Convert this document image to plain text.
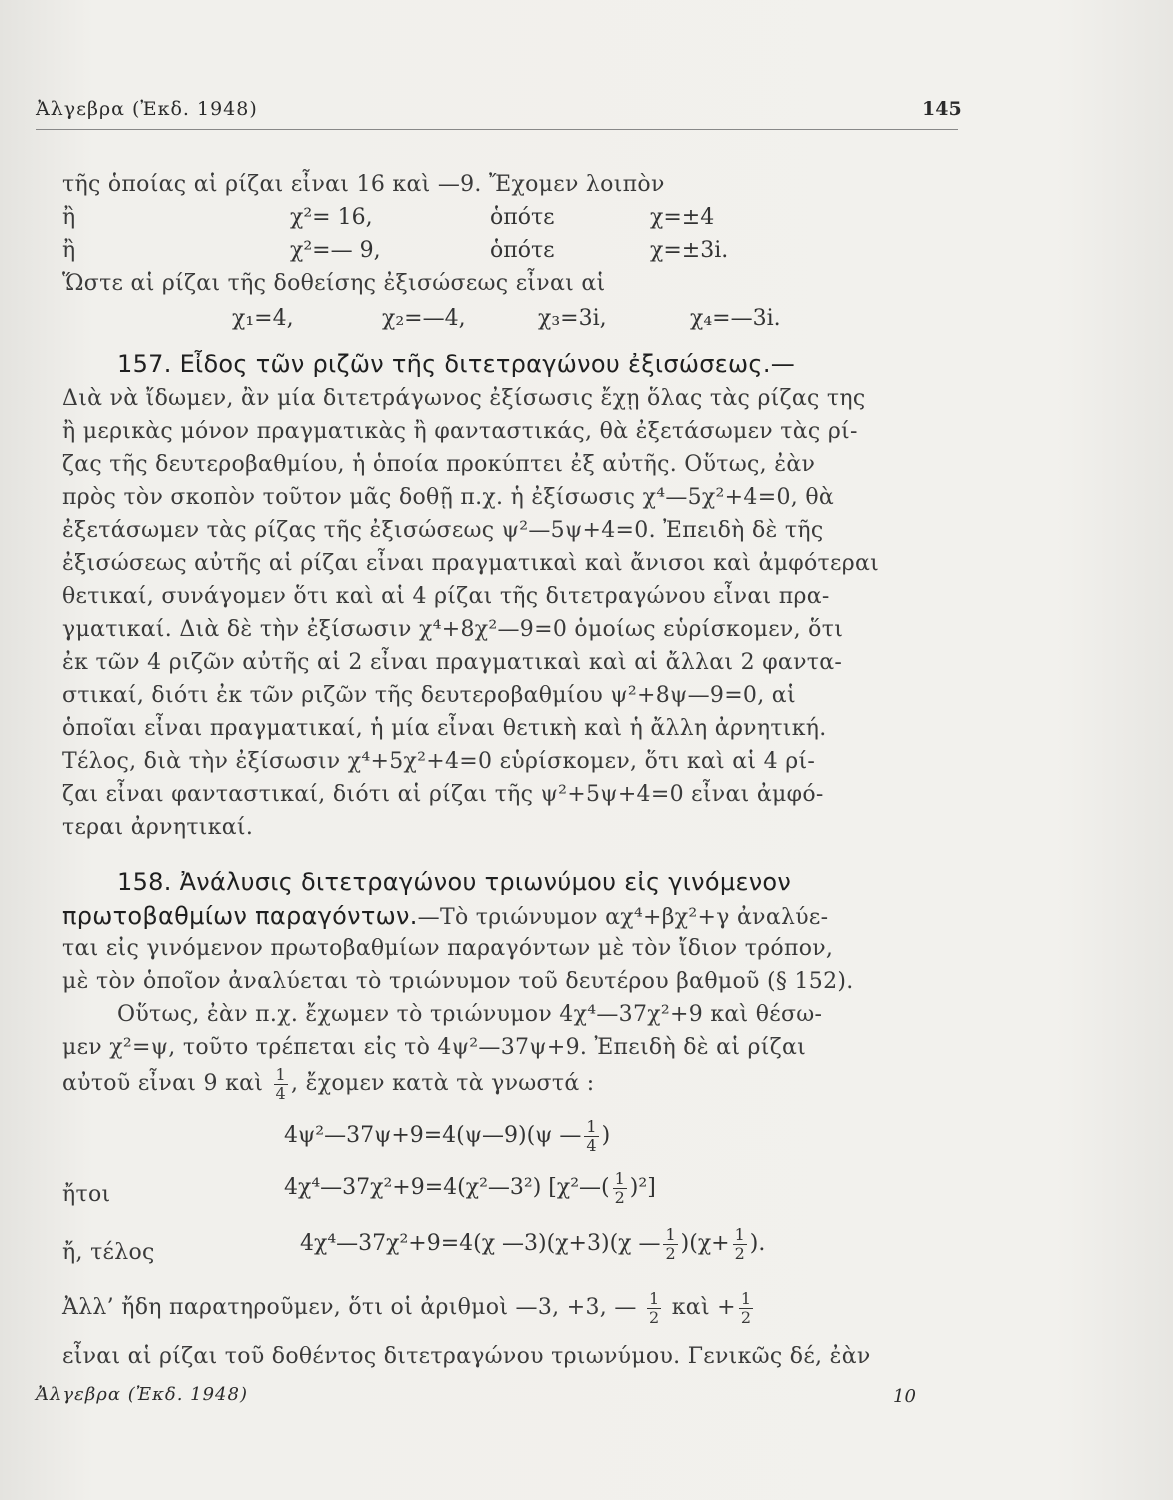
Ἀλγεβρα (Ἐκδ. 1948)	145
τῆς ὁποίας αἱ ρίζαι εἶναι 16 καὶ —9. Ἔχομεν λοιπὸν
ἢ	χ²= 16,	ὁπότε	χ=±4
ἢ	χ²=— 9,	ὁπότε	χ=±3i.
Ὥστε αἱ ρίζαι τῆς δοθείσης ἐξισώσεως εἶναι αἱ
χ₁=4,	χ₂=—4,	χ₃=3i,	χ₄=—3i.
157. Εἶδος τῶν ριζῶν τῆς διτετραγώνου ἐξισώσεως.—
Διὰ νὰ ἴδωμεν, ἂν μία διτετράγωνος ἐξίσωσις ἔχῃ ὅλας τὰς ρίζας της
ἢ μερικὰς μόνον πραγματικὰς ἢ φανταστικάς, θὰ ἐξετάσωμεν τὰς ρί-
ζας τῆς δευτεροβαθμίου, ἡ ὁποία προκύπτει ἐξ αὐτῆς. Οὕτως, ἐὰν
πρὸς τὸν σκοπὸν τοῦτον μᾶς δοθῇ π.χ. ἡ ἐξίσωσις χ⁴—5χ²+4=0, θὰ
ἐξετάσωμεν τὰς ρίζας τῆς ἐξισώσεως ψ²—5ψ+4=0. Ἐπειδὴ δὲ τῆς
ἐξισώσεως αὐτῆς αἱ ρίζαι εἶναι πραγματικαὶ καὶ ἄνισοι καὶ ἀμφότεραι
θετικαί, συνάγομεν ὅτι καὶ αἱ 4 ρίζαι τῆς διτετραγώνου εἶναι πρα-
γματικαί. Διὰ δὲ τὴν ἐξίσωσιν χ⁴+8χ²—9=0 ὁμοίως εὑρίσκομεν, ὅτι
ἐκ τῶν 4 ριζῶν αὐτῆς αἱ 2 εἶναι πραγματικαὶ καὶ αἱ ἄλλαι 2 φαντα-
στικαί, διότι ἐκ τῶν ριζῶν τῆς δευτεροβαθμίου ψ²+8ψ—9=0, αἱ
ὁποῖαι εἶναι πραγματικαί, ἡ μία εἶναι θετικὴ καὶ ἡ ἄλλη ἀρνητική.
Τέλος, διὰ τὴν ἐξίσωσιν χ⁴+5χ²+4=0 εὑρίσκομεν, ὅτι καὶ αἱ 4 ρί-
ζαι εἶναι φανταστικαί, διότι αἱ ρίζαι τῆς ψ²+5ψ+4=0 εἶναι ἀμφό-
τεραι ἀρνητικαί.
158. Ἀνάλυσις διτετραγώνου τριωνύμου εἰς γινόμενον
πρωτοβαθμίων παραγόντων.—Τὸ τριώνυμον αχ⁴+βχ²+γ ἀναλύε-
ται εἰς γινόμενον πρωτοβαθμίων παραγόντων μὲ τὸν ἴδιον τρόπον,
μὲ τὸν ὁποῖον ἀναλύεται τὸ τριώνυμον τοῦ δευτέρου βαθμοῦ (§ 152).
Οὕτως, ἐὰν π.χ. ἔχωμεν τὸ τριώνυμον 4χ⁴—37χ²+9 καὶ θέσω-
μεν χ²=ψ, τοῦτο τρέπεται εἰς τὸ 4ψ²—37ψ+9. Ἐπειδὴ δὲ αἱ ρίζαι
αὐτοῦ εἶναι 9 καὶ $\frac{1}{4}$ , ἔχομεν κατὰ τὰ γνωστά :
4ψ²—37ψ+9=4(ψ—9)(ψ — $\frac{1}{4}$ )
ἤτοι	4χ⁴—37χ²+9=4(χ²—3²) [χ²—( $\frac{1}{2} )^2$]
ἤ, τέλος	4χ⁴—37χ²+9=4(χ —3)(χ+3)(χ — $\frac{1}{2} )(\chi+ \frac{1}{2}$ ).
Ἀλλ’ ἤδη παρατηροῦμεν, ὅτι οἱ ἀριθμοὶ —3, +3, — $\frac{1}{2}$ καὶ + $\frac{1}{2}$
εἶναι αἱ ρίζαι τοῦ δοθέντος διτετραγώνου τριωνύμου. Γενικῶς δέ, ἐὰν
Ἀλγεβρα (Ἐκδ. 1948)	10
